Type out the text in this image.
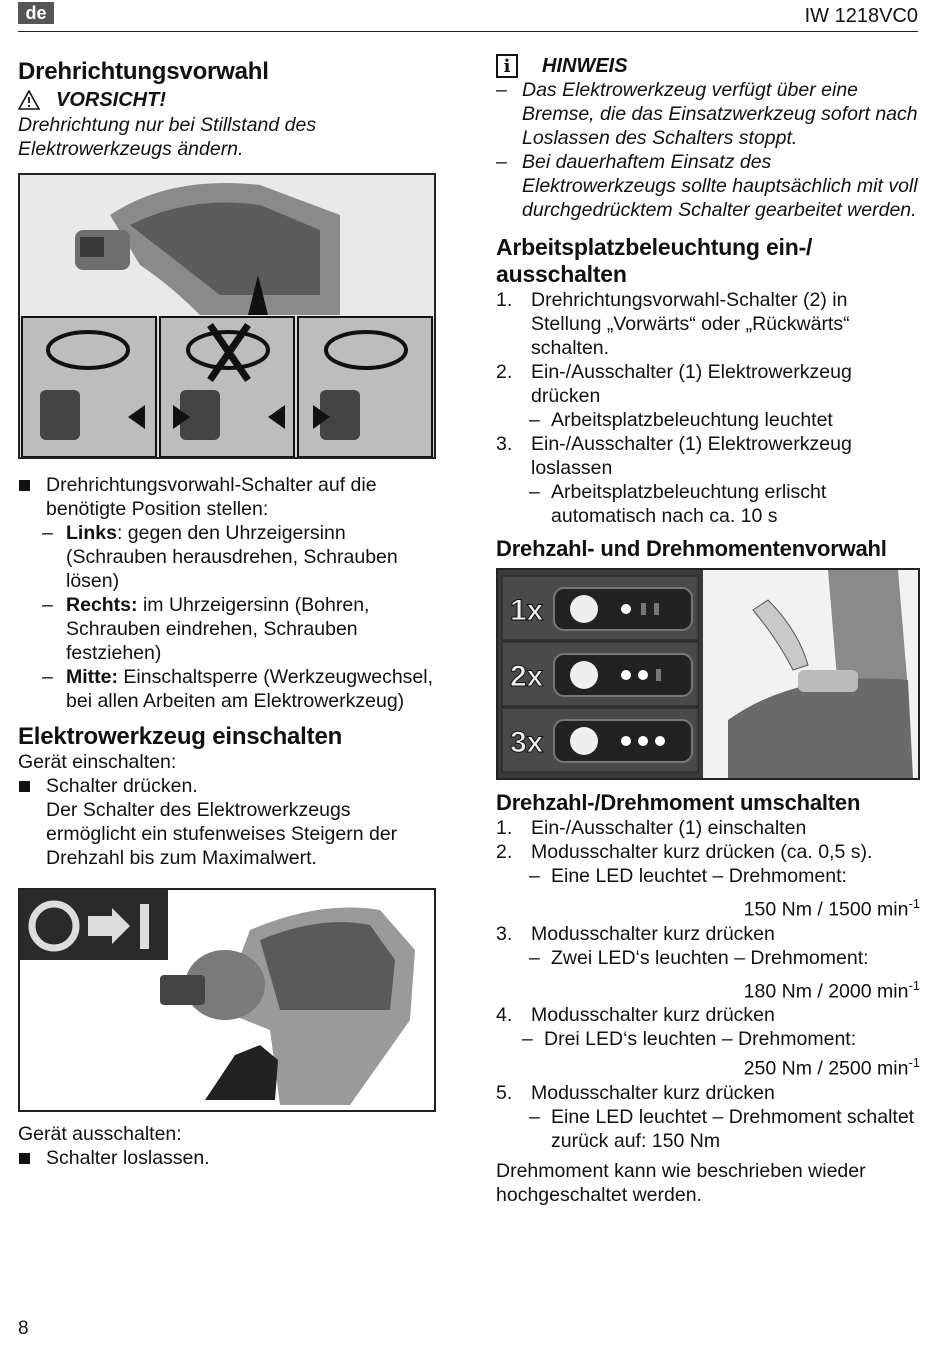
de	IW 1218VC0
Drehrichtungsvorwahl
VORSICHT!

Drehrichtung nur bei Stillstand des Elektrowerkzeugs ändern.

Drehrichtungsvorwahl-Schalter auf die benötigte Position stellen:

– Links: gegen den Uhrzeigersinn (Schrauben herausdrehen, Schrauben lösen)

– Rechts: im Uhrzeigersinn (Bohren, Schrauben eindrehen, Schrauben festziehen)

– Mitte: Einschaltsperre (Werkzeugwechsel, bei allen Arbeiten am Elektrowerkzeug)

Elektrowerkzeug einschalten

Gerät einschalten:

Schalter drücken.

Der Schalter des Elektrowerkzeugs ermöglicht ein stufenweises Steigern der Drehzahl bis zum Maximalwert.

Gerät ausschalten:

Schalter loslassen.

i	HINWEIS

– Das Elektrowerkzeug verfügt über eine Bremse, die das Einsatzwerkzeug sofort nach Loslassen des Schalters stoppt.

– Bei dauerhaftem Einsatz des Elektrowerkzeugs sollte hauptsächlich mit voll durchgedrücktem Schalter gearbeitet werden.

Arbeitsplatzbeleuchtung ein-/ ausschalten

1. Drehrichtungsvorwahl-Schalter (2) in Stellung „Vorwärts“ oder „Rückwärts“ schalten.

2. Ein-/Ausschalter (1) Elektrowerkzeug drücken

– Arbeitsplatzbeleuchtung leuchtet

3. Ein-/Ausschalter (1) Elektrowerkzeug loslassen

– Arbeitsplatzbeleuchtung erlischt automatisch nach ca. 10 s

Drehzahl- und Drehmomentenvorwahl
1x
2x
3x
Drehzahl-/Drehmoment umschalten

1. Ein-/Ausschalter (1) einschalten

2. Modusschalter kurz drücken (ca. 0,5 s).

– Eine LED leuchtet – Drehmoment:

150 Nm / 1500 $\min^{-1}$

3. Modusschalter kurz drücken

– Zwei LED‘s leuchten – Drehmoment:

180 Nm / 2000 $\min^{-1}$

4. Modusschalter kurz drücken

– Drei LED‘s leuchten – Drehmoment:

250 Nm / 2500 $\min^{-1}$

5. Modusschalter kurz drücken

– Eine LED leuchtet – Drehmoment schaltet zurück auf: 150 Nm

Drehmoment kann wie beschrieben wieder hochgeschaltet werden.

8
